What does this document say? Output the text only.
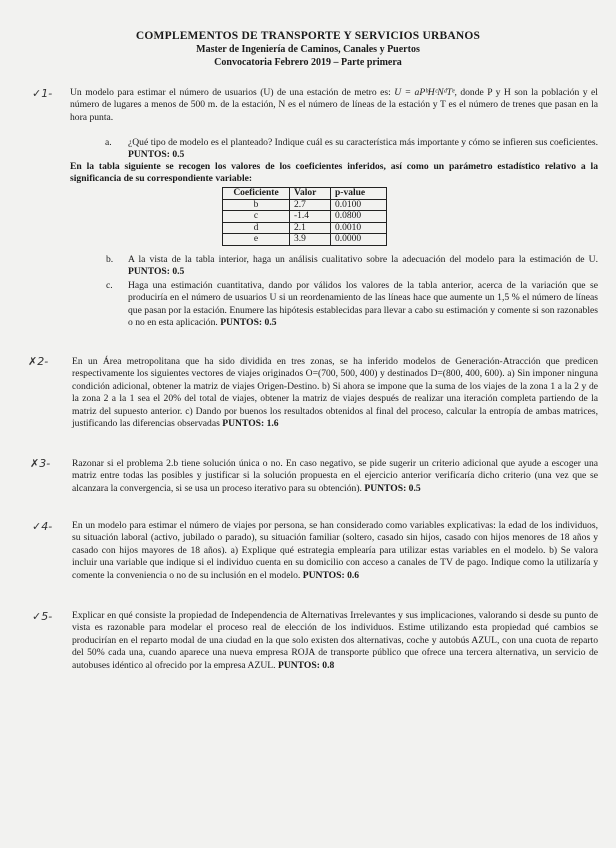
COMPLEMENTOS DE TRANSPORTE Y SERVICIOS URBANOS
Master de Ingeniería de Caminos, Canales y Puertos
Convocatoria Febrero 2019 – Parte primera
✓1- Un modelo para estimar el número de usuarios (U) de una estación de metro es: U = aPᵇHᶜNᵈTᵉ, donde P y H son la población y el número de lugares a menos de 500 m. de la estación, N es el número de líneas de la estación y T es el número de trenes que pasan en la hora punta.
a. ¿Qué tipo de modelo es el planteado? Indique cuál es su característica más importante y cómo se infieren sus coeficientes. PUNTOS: 0.5
En la tabla siguiente se recogen los valores de los coeficientes inferidos, así como un parámetro estadístico relativo a la significancia de su correspondiente variable:
Coeficiente	Valor	p-value
b	2.7	0.0100
c	-1.4	0.0800
d	2.1	0.0010
e	3.9	0.0000
b. A la vista de la tabla interior, haga un análisis cualitativo sobre la adecuación del modelo para la estimación de U. PUNTOS: 0.5
c. Haga una estimación cuantitativa, dando por válidos los valores de la tabla anterior, acerca de la variación que se produciría en el número de usuarios U si un reordenamiento de las líneas hace que aumente un 1,5 % el número de líneas que pasan por la estación. Enumere las hipótesis establecidas para llevar a cabo su estimación y comente si son razonables o no en esta aplicación. PUNTOS: 0.5
✗2- En un Área metropolitana que ha sido dividida en tres zonas, se ha inferido modelos de Generación-Atracción que predicen respectivamente los siguientes vectores de viajes originados O=(700, 500, 400) y destinados D=(800, 400, 600). a) Sin imponer ninguna condición adicional, obtener la matriz de viajes Origen-Destino. b) Si ahora se impone que la suma de los viajes de la zona 1 a la 2 y de la zona 2 a la 1 sea el 20% del total de viajes, obtener la matriz de viajes después de realizar una iteración completa partiendo de la matriz del supuesto anterior. c) Dando por buenos los resultados obtenidos al final del proceso, calcular la entropía de ambas matrices, justificando las diferencias observadas PUNTOS: 1.6
✗3- Razonar si el problema 2.b tiene solución única o no. En caso negativo, se pide sugerir un criterio adicional que ayude a escoger una matriz entre todas las posibles y justificar si la solución propuesta en el ejercicio anterior verificaría dicho criterio (una vez que se alcanzara la convergencia, si se usa un proceso iterativo para su obtención). PUNTOS: 0.5
✓4- En un modelo para estimar el número de viajes por persona, se han considerado como variables explicativas: la edad de los individuos, su situación laboral (activo, jubilado o parado), su situación familiar (soltero, casado sin hijos, casado con hijos menores de 18 años y casado con hijos mayores de 18 años). a) Explique qué estrategia emplearía para utilizar estas variables en el modelo. b) Se valora incluir una variable que indique si el individuo cuenta en su domicilio con acceso a canales de TV de pago. Indique como la utilizaría y comente la conveniencia o no de su inclusión en el modelo. PUNTOS: 0.6
✓5- Explicar en qué consiste la propiedad de Independencia de Alternativas Irrelevantes y sus implicaciones, valorando si desde su punto de vista es razonable para modelar el proceso real de elección de los individuos. Estime utilizando esta propiedad qué cambios se producirían en el reparto modal de una ciudad en la que solo existen dos alternativas, coche y autobús AZUL, con una cuota de reparto del 50% cada una, cuando aparece una nueva empresa ROJA de transporte público que ofrece una tercera alternativa, un servicio de autobuses idéntico al ofrecido por la empresa AZUL. PUNTOS: 0.8
